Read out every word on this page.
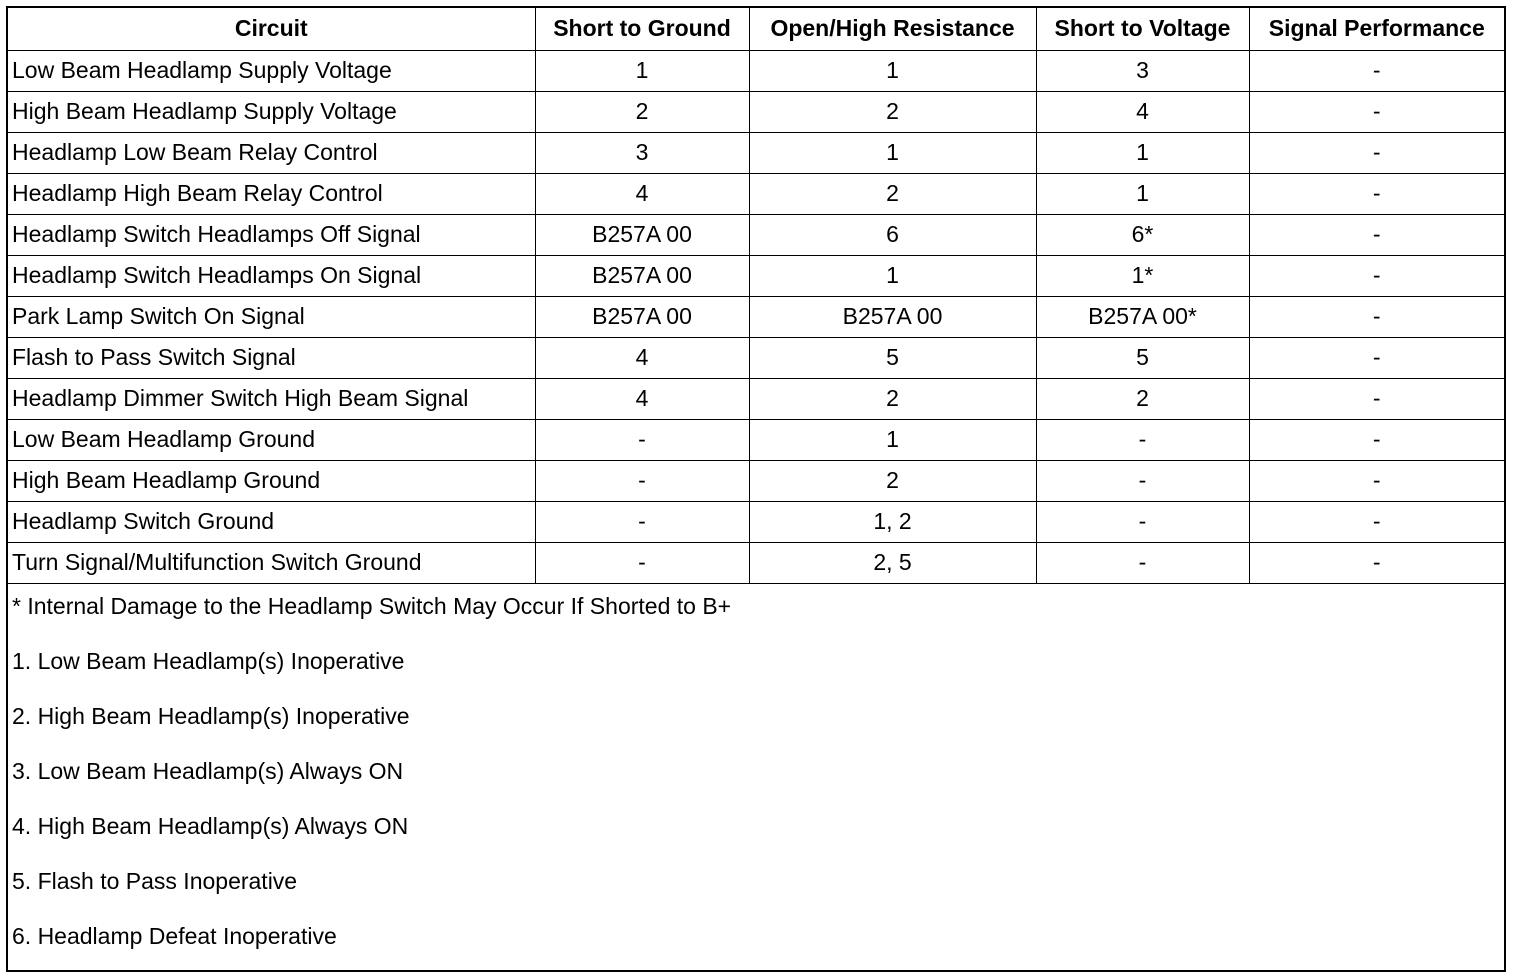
Circuit	Short to Ground	Open/High Resistance	Short to Voltage	Signal Performance
Low Beam Headlamp Supply Voltage	1	1	3	-
High Beam Headlamp Supply Voltage	2	2	4	-
Headlamp Low Beam Relay Control	3	1	1	-
Headlamp High Beam Relay Control	4	2	1	-
Headlamp Switch Headlamps Off Signal	B257A 00	6	6*	-
Headlamp Switch Headlamps On Signal	B257A 00	1	1*	-
Park Lamp Switch On Signal	B257A 00	B257A 00	B257A 00*	-
Flash to Pass Switch Signal	4	5	5	-
Headlamp Dimmer Switch High Beam Signal	4	2	2	-
Low Beam Headlamp Ground	-	1	-	-
High Beam Headlamp Ground	-	2	-	-
Headlamp Switch Ground	-	1, 2	-	-
Turn Signal/Multifunction Switch Ground	-	2, 5	-	-
* Internal Damage to the Headlamp Switch May Occur If Shorted to B+
1. Low Beam Headlamp(s) Inoperative
2. High Beam Headlamp(s) Inoperative
3. Low Beam Headlamp(s) Always ON
4. High Beam Headlamp(s) Always ON
5. Flash to Pass Inoperative
6. Headlamp Defeat Inoperative
